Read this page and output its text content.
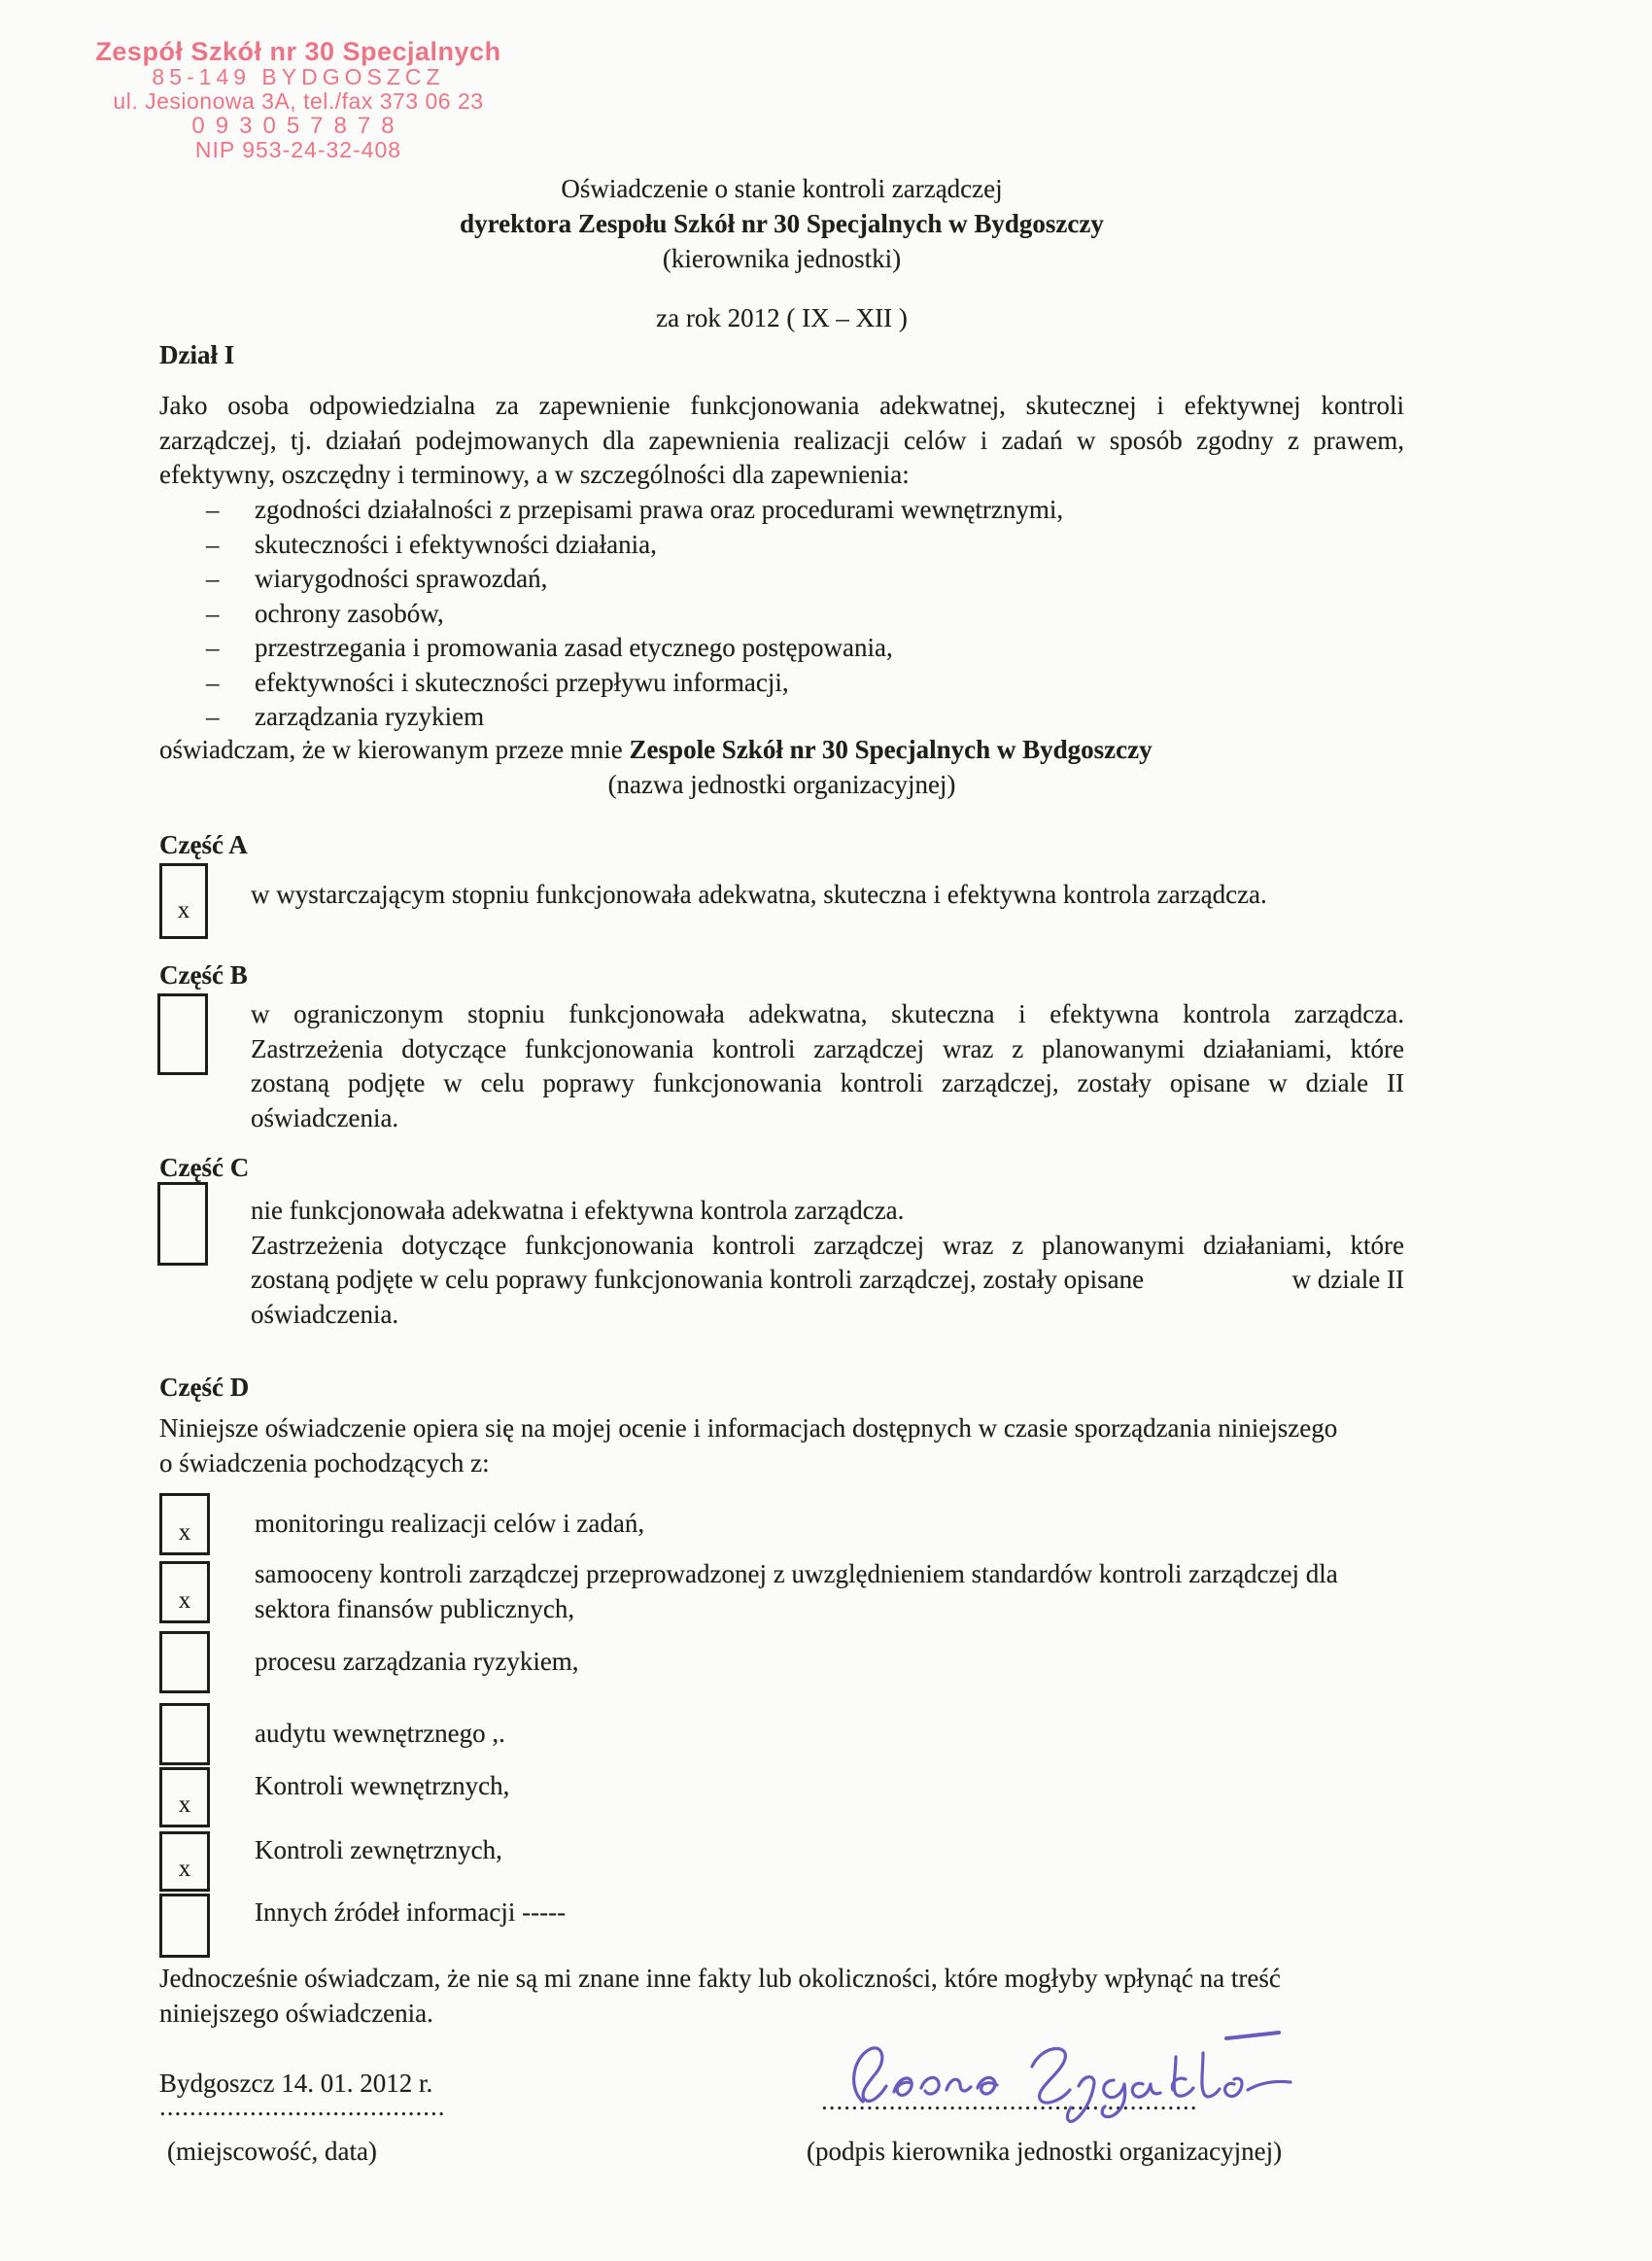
Zespół Szkół nr 30 Specjalnych
85-149 BYDGOSZCZ
ul. Jesionowa 3A, tel./fax 373 06 23
093057878
NIP 953-24-32-408
Oświadczenie o stanie kontroli zarządczej
dyrektora Zespołu Szkół nr 30 Specjalnych w Bydgoszczy
(kierownika jednostki)
za rok 2012 ( IX – XII )
Dział I
Jako osoba odpowiedzialna za zapewnienie funkcjonowania adekwatnej, skutecznej i efektywnej kontroli
zarządczej, tj. działań podejmowanych dla zapewnienia realizacji celów i zadań w sposób zgodny z prawem,
efektywny, oszczędny i terminowy, a w szczególności dla zapewnienia:
–	zgodności działalności z przepisami prawa oraz procedurami wewnętrznymi,
–	skuteczności i efektywności działania,
–	wiarygodności sprawozdań,
–	ochrony zasobów,
–	przestrzegania i promowania zasad etycznego postępowania,
–	efektywności i skuteczności przepływu informacji,
–	zarządzania ryzykiem
oświadczam, że w kierowanym przeze mnie Zespole Szkół nr 30 Specjalnych w Bydgoszczy
(nazwa jednostki organizacyjnej)
Część A
x
w wystarczającym stopniu funkcjonowała adekwatna, skuteczna i efektywna kontrola zarządcza.
Część B
w ograniczonym stopniu funkcjonowała adekwatna, skuteczna i efektywna kontrola zarządcza.
Zastrzeżenia dotyczące funkcjonowania kontroli zarządczej wraz z planowanymi działaniami, które
zostaną podjęte w celu poprawy funkcjonowania kontroli zarządczej, zostały opisane w dziale II
oświadczenia.
Część C
nie funkcjonowała adekwatna i efektywna kontrola zarządcza.
Zastrzeżenia dotyczące funkcjonowania kontroli zarządczej wraz z planowanymi działaniami, które
zostaną podjęte w celu poprawy funkcjonowania kontroli zarządczej, zostały opisane	w dziale II
oświadczenia.
Część D
Niniejsze oświadczenie opiera się na mojej ocenie i informacjach dostępnych w czasie sporządzania niniejszego
o świadczenia pochodzących z:
x monitoringu realizacji celów i zadań,
x
samooceny kontroli zarządczej przeprowadzonej z uwzględnieniem standardów kontroli zarządczej dla sektora finansów publicznych,
procesu zarządzania ryzykiem,
audytu wewnętrznego ,.
x
Kontroli wewnętrznych,
x
Kontroli zewnętrznych,
Innych źródeł informacji -----
Jednocześnie oświadczam, że nie są mi znane inne fakty lub okoliczności, które mogłyby wpłynąć na treść
niniejszego oświadczenia.
Bydgoszcz 14. 01. 2012 r.
......................................
(miejscowość, data)
..................................................
(podpis kierownika jednostki organizacyjnej)
